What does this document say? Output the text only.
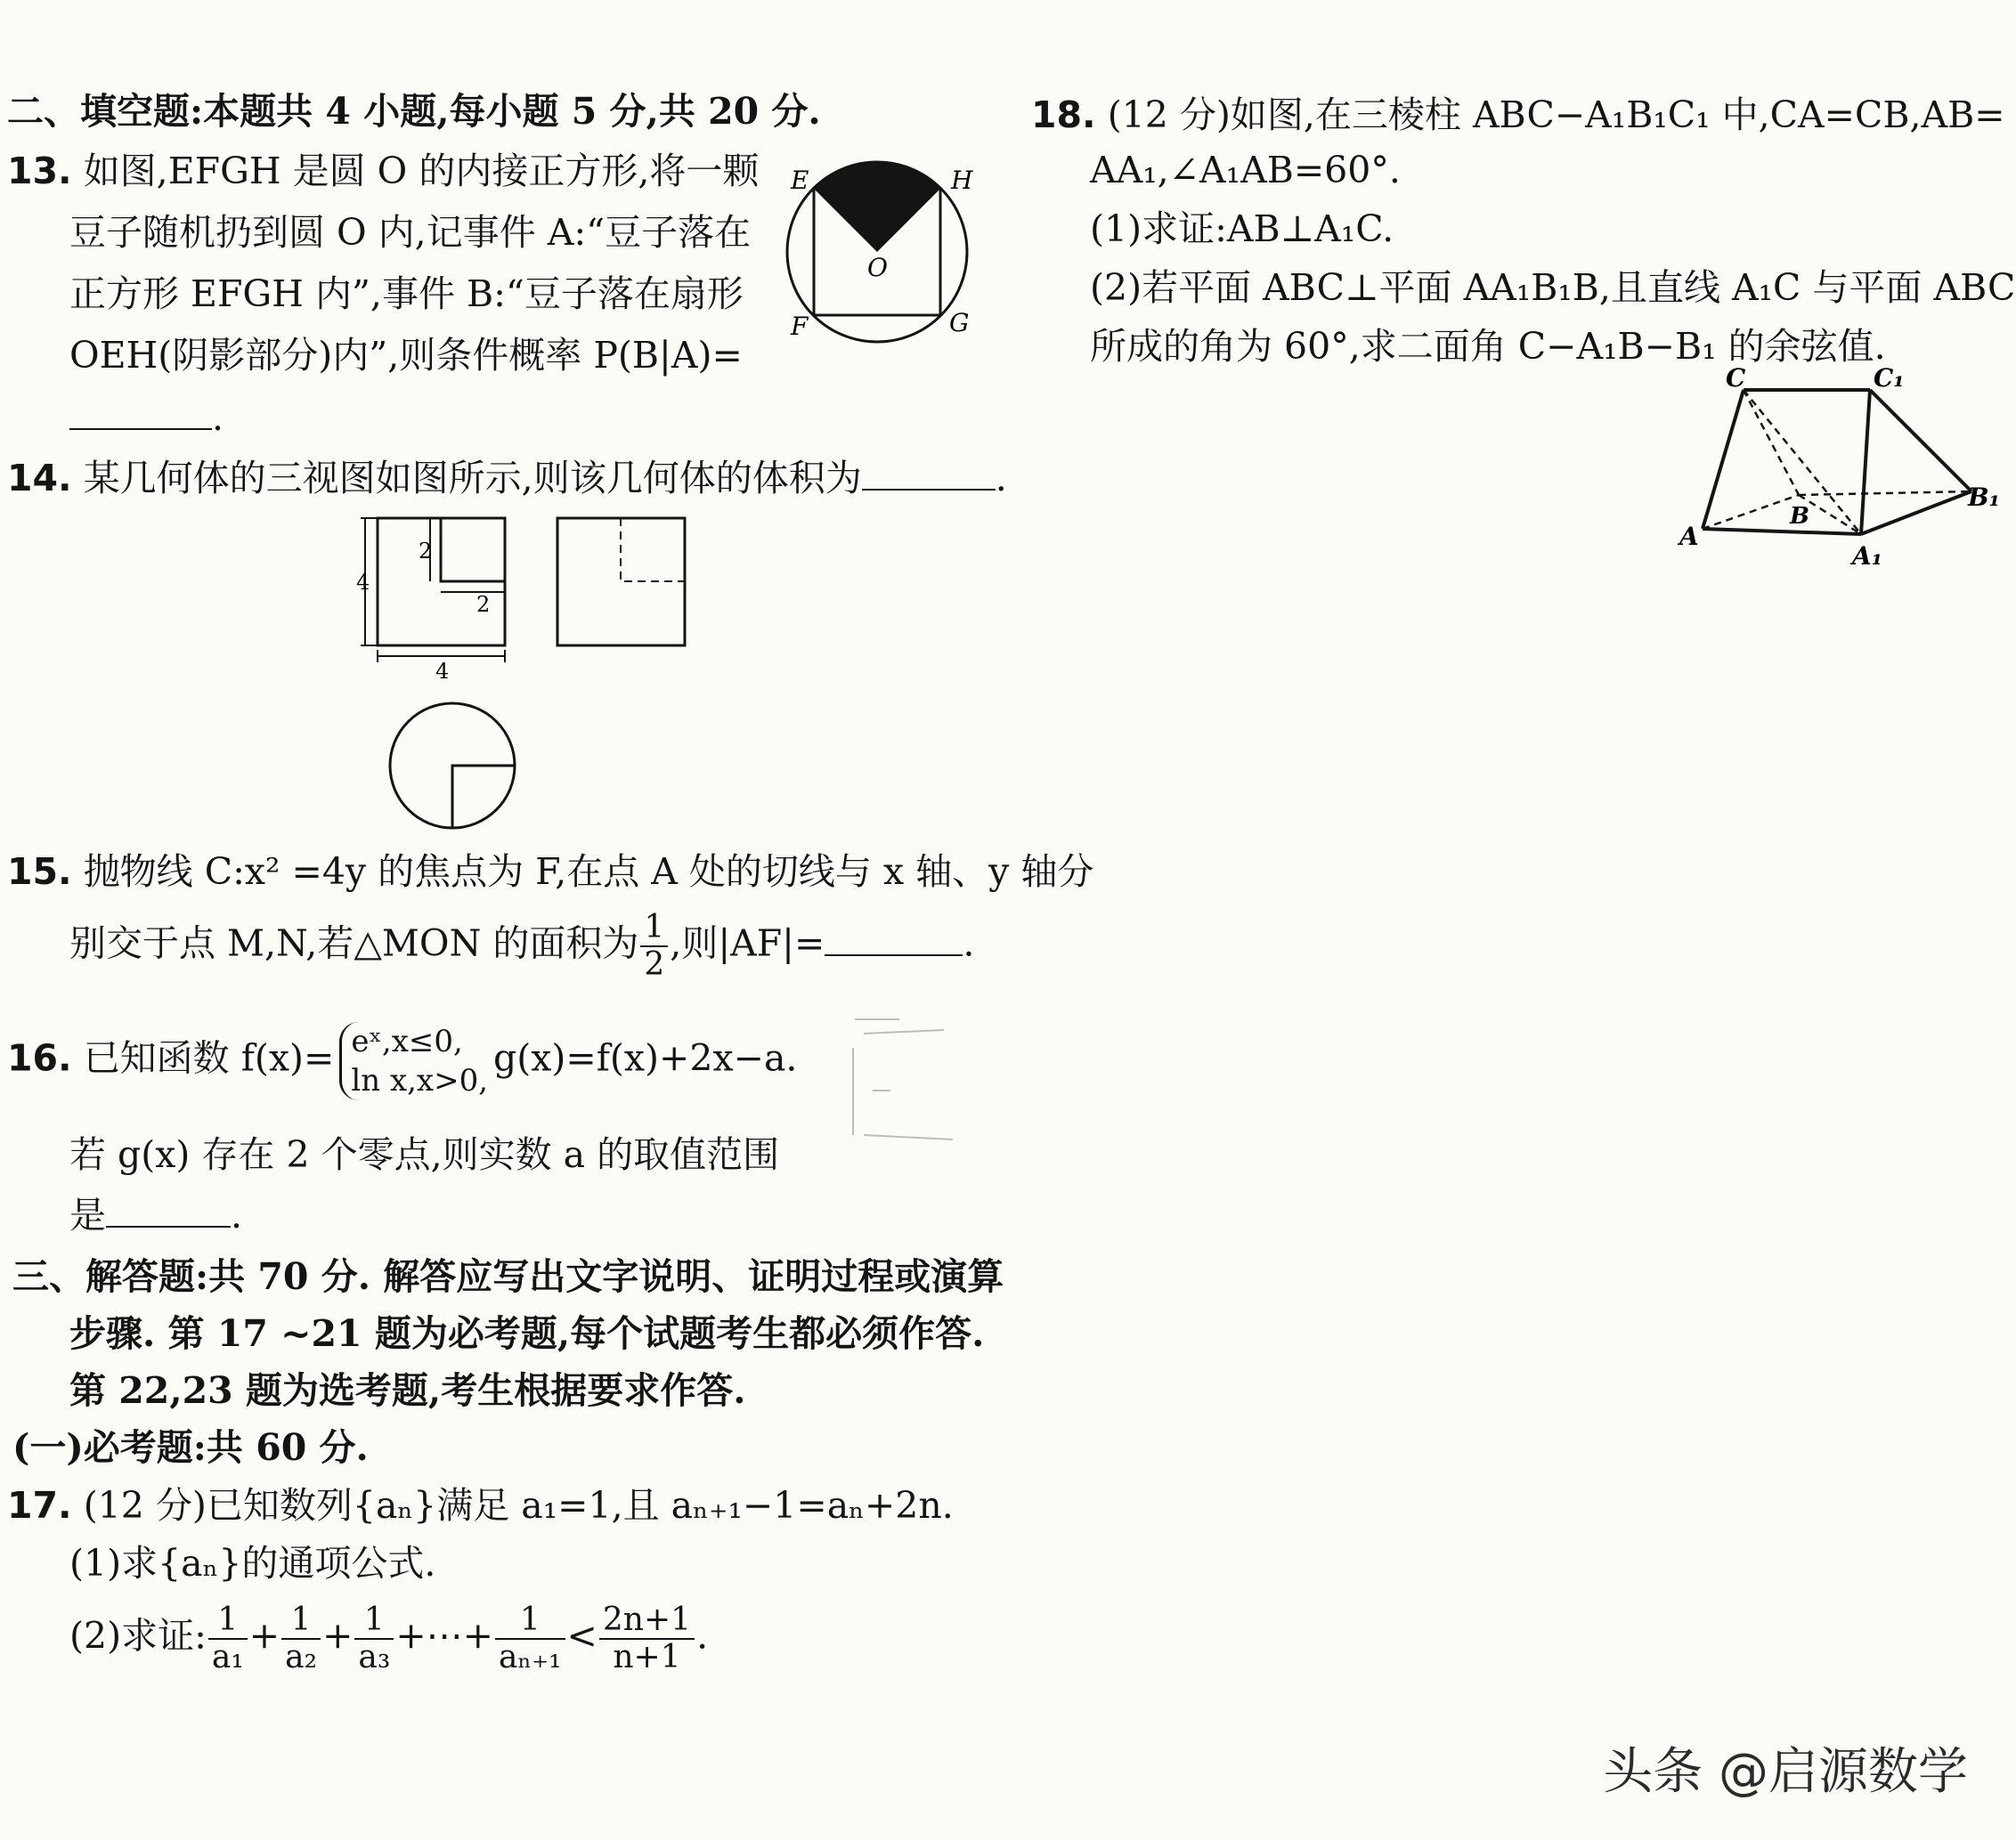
二、填空题:本题共 4 小题,每小题 5 分,共 20 分.
13. 如图,EFGH 是圆 O 的内接正方形,将一颗
豆子随机扔到圆 O 内,记事件 A:“豆子落在
正方形 EFGH 内”,事件 B:“豆子落在扇形
OEH(阴影部分)内”,则条件概率 P(B|A)=
.
E	H
F	G
O
14. 某几何体的三视图如图所示,则该几何体的体积为	.
4
2
2
4
15. 抛物线 C:x² =4y 的焦点为 F,在点 A 处的切线与 x 轴、y 轴分
别交于点 M,N,若△MON 的面积为 $\frac{1}{2}$ ,则|AF|=	.
16. 已知函数 f(x)= eˣ,x≤0,
ln x,x>0,
g(x)=f(x)+2x−a.
若 g(x) 存在 2 个零点,则实数 a 的取值范围
是	.
三、解答题:共 70 分. 解答应写出文字说明、证明过程或演算
步骤. 第 17 ~21 题为必考题,每个试题考生都必须作答.
第 22,23 题为选考题,考生根据要求作答.
(一)必考题:共 60 分.
17. (12 分)已知数列{aₙ}满足 a₁=1,且 aₙ₊₁−1=aₙ+2n.
(1)求{aₙ}的通项公式.
(2)求证: $\frac{1}{\text{a₁}} + \frac{1}{\text{a₂}} + \frac{1}{\text{a₃}}$ +⋯+ $\frac{1}{\text{aₙ₊₁}} < \frac{2n+1}{n+1}$ .
18. (12 分)如图,在三棱柱 ABC−A₁B₁C₁ 中,CA=CB,AB=
AA₁,∠A₁AB=60°.
(1)求证:AB⊥A₁C.
(2)若平面 ABC⊥平面 AA₁B₁B,且直线 A₁C 与平面 ABC
所成的角为 60°,求二面角 C−A₁B−B₁ 的余弦值.
C	C₁
A
B
B₁
A₁
头条 @启源数学
